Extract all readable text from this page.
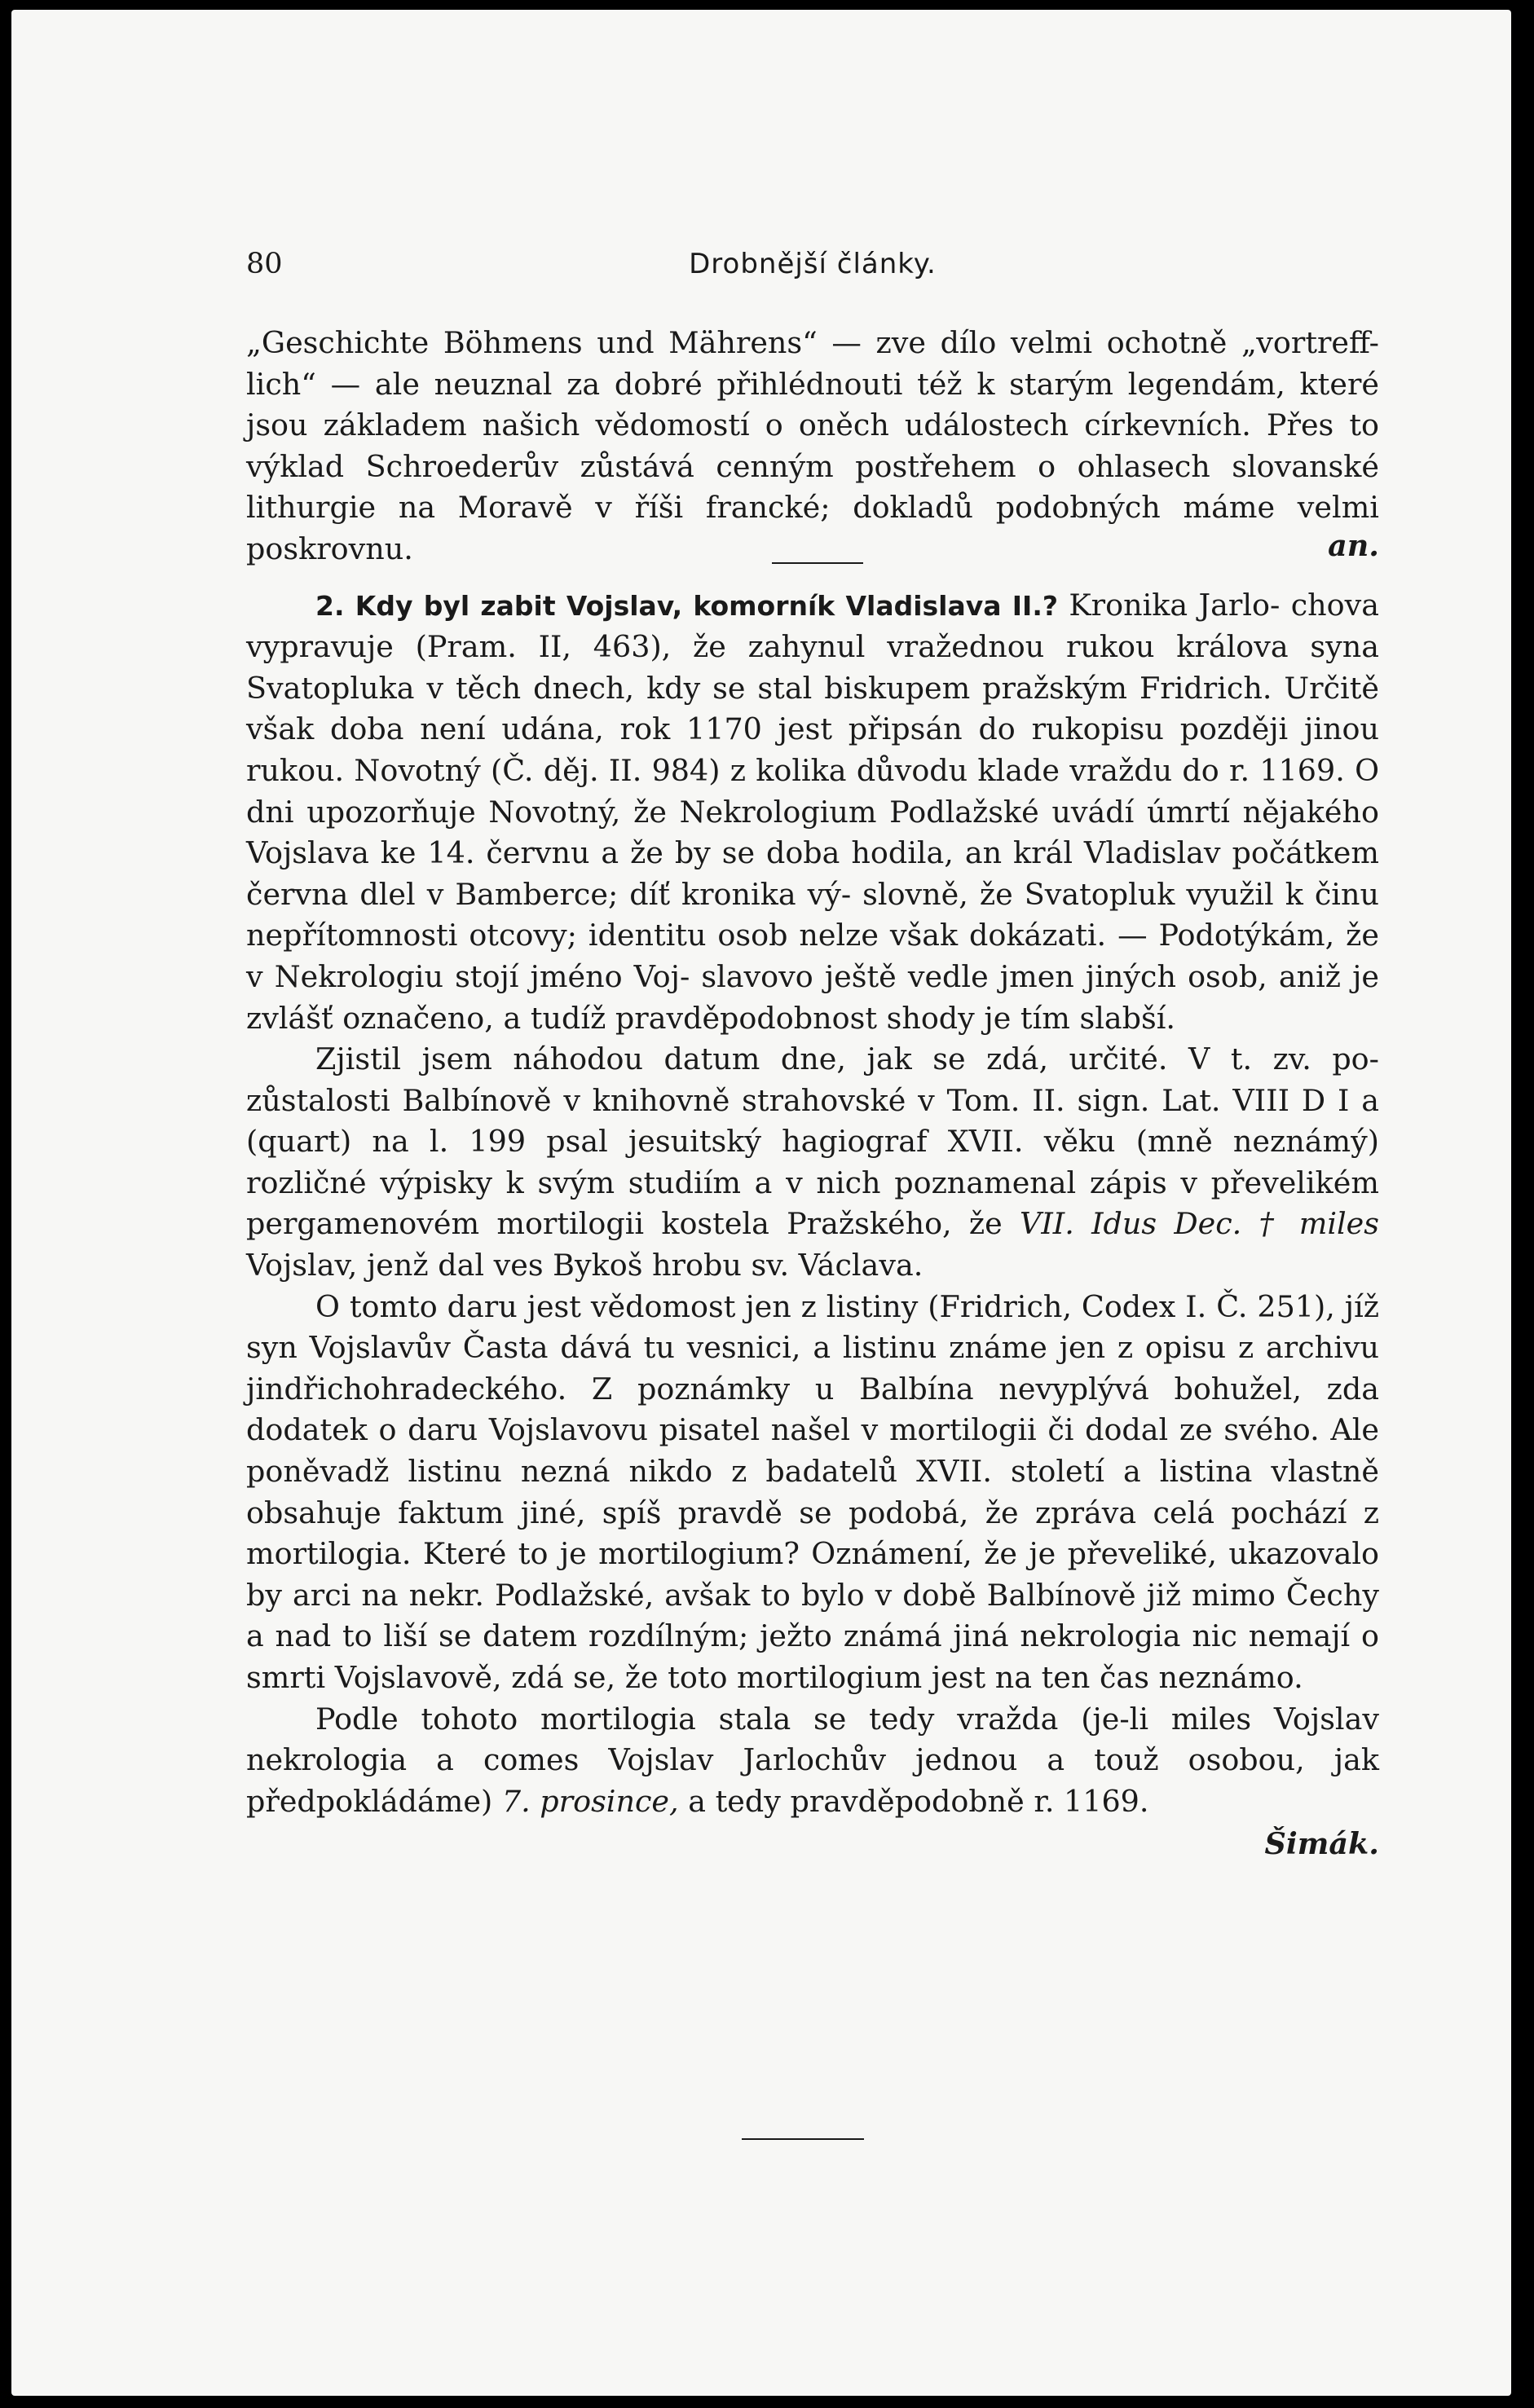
80	Drobnější články.

„Geschichte Böhmens und Mährens“ — zve dílo velmi ochotně „vortreff- lich“ — ale neuznal za dobré přihlédnouti též k starým legendám, které jsou základem našich vědomostí o oněch událostech církevních. Přes to výklad Schroederův zůstává cenným postřehem o ohlasech slovanské lithurgie na Moravě v říši francké; dokladů podobných máme velmi poskrovnu.	an.

2. Kdy byl zabit Vojslav, komorník Vladislava II.? Kronika Jarlo- chova vypravuje (Pram. II, 463), že zahynul vražednou rukou králova syna Svatopluka v těch dnech, kdy se stal biskupem pražským Fridrich. Určitě však doba není udána, rok 1170 jest připsán do rukopisu později jinou rukou. Novotný (Č. děj. II. 984) z kolika důvodu klade vraždu do r. 1169. O dni upozorňuje Novotný, že Nekrologium Podlažské uvádí úmrtí nějakého Vojslava ke 14. červnu a že by se doba hodila, an král Vladislav počátkem června dlel v Bamberce; díť kronika vý- slovně, že Svatopluk využil k činu nepřítomnosti otcovy; identitu osob nelze však dokázati. — Podotýkám, že v Nekrologiu stojí jméno Voj- slavovo ještě vedle jmen jiných osob, aniž je zvlášť označeno, a tudíž pravděpodobnost shody je tím slabší.

Zjistil jsem náhodou datum dne, jak se zdá, určité. V t. zv. po- zůstalosti Balbínově v knihovně strahovské v Tom. II. sign. Lat. VIII D I a (quart) na l. 199 psal jesuitský hagiograf XVII. věku (mně neznámý) rozličné výpisky k svým studiím a v nich poznamenal zápis v převelikém pergamenovém mortilogii kostela Pražského, že VII. Idus Dec. † miles Vojslav, jenž dal ves Bykoš hrobu sv. Václava.

O tomto daru jest vědomost jen z listiny (Fridrich, Codex I. Č. 251), jíž syn Vojslavův Časta dává tu vesnici, a listinu známe jen z opisu z archivu jindřichohradeckého. Z poznámky u Balbína nevyplývá bohužel, zda dodatek o daru Vojslavovu pisatel našel v mortilogii či dodal ze svého. Ale poněvadž listinu nezná nikdo z badatelů XVII. století a listina vlastně obsahuje faktum jiné, spíš pravdě se podobá, že zpráva celá pochází z mortilogia. Které to je mortilogium? Oznámení, že je převeliké, ukazovalo by arci na nekr. Podlažské, avšak to bylo v době Balbínově již mimo Čechy a nad to liší se datem rozdílným; ježto známá jiná nekrologia nic nemají o smrti Vojslavově, zdá se, že toto mortilogium jest na ten čas neznámo.

Podle tohoto mortilogia stala se tedy vražda (je-li miles Vojslav nekrologia a comes Vojslav Jarlochův jednou a touž osobou, jak předpokládáme) 7. prosince, a tedy pravděpodobně r. 1169.

Šimák.
